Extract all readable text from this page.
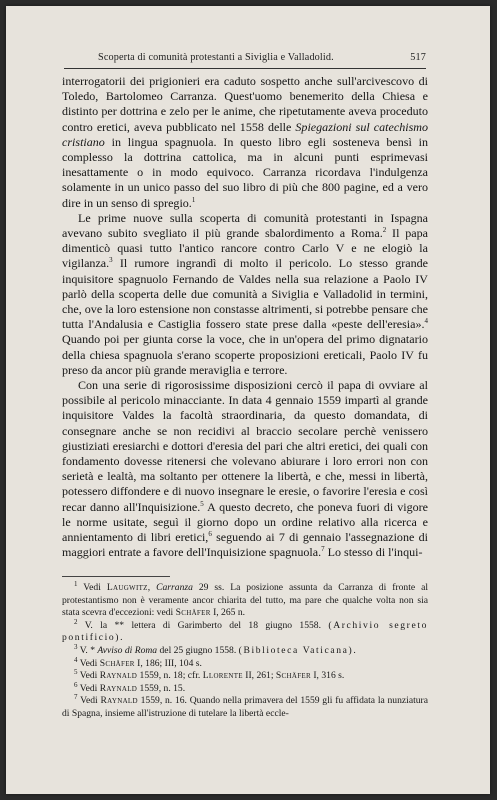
Scoperta di comunità protestanti a Siviglia e Valladolid.	517

interrogatorii dei prigionieri era caduto sospetto anche sull'arcivescovo di Toledo, Bartolomeo Carranza. Quest'uomo benemerito della Chiesa e distinto per dottrina e zelo per le anime, che ripetutamente aveva proceduto contro eretici, aveva pubblicato nel 1558 delle Spiegazioni sul catechismo cristiano in lingua spagnuola. In questo libro egli sosteneva bensì in complesso la dottrina cattolica, ma in alcuni punti esprimevasi inesattamente o in modo equivoco. Carranza ricordava l'indulgenza solamente in un unico passo del suo libro di più che 800 pagine, ed a vero dire in un senso di spregio.$^1$

Le prime nuove sulla scoperta di comunità protestanti in Ispagna avevano subito svegliato il più grande sbalordimento a Roma.$^2$ Il papa dimenticò quasi tutto l'antico rancore contro Carlo V e ne elogiò la vigilanza.$^3$ Il rumore ingrandì di molto il pericolo. Lo stesso grande inquisitore spagnuolo Fernando de Valdes nella sua relazione a Paolo IV parlò della scoperta delle due comunità a Siviglia e Valladolid in termini, che, ove la loro estensione non constasse altrimenti, si potrebbe pensare che tutta l'Andalusia e Castiglia fossero state prese dalla «peste dell'eresia».$^4$ Quando poi per giunta corse la voce, che in un'opera del primo dignatario della chiesa spagnuola s'erano scoperte proposizioni ereticali, Paolo IV fu preso da ancor più grande meraviglia e terrore.

Con una serie di rigorosissime disposizioni cercò il papa di ovviare al possibile al pericolo minacciante. In data 4 gennaio 1559 impartì al grande inquisitore Valdes la facoltà straordinaria, da questo domandata, di consegnare anche se non recidivi al braccio secolare perchè venissero giustiziati eresiarchi e dottori d'eresia del pari che altri eretici, dei quali con fondamento dovesse ritenersi che volevano abiurare i loro errori non con serietà e lealtà, ma soltanto per ottenere la libertà, e che, messi in libertà, potessero diffondere e di nuovo insegnare le eresie, o favorire l'eresia e così recar danno all'Inquisizione.$^5$ A questo decreto, che poneva fuori di vigore le norme usitate, seguì il giorno dopo un ordine relativo alla ricerca e annientamento di libri eretici,$^6$ seguendo ai 7 di gennaio l'assegnazione di maggiori entrate a favore dell'Inquisizione spagnuola.$^7$ Lo stesso di l'inqui-

$^1$ Vedi Laugwitz, Carranza 29 ss. La posizione assunta da Carranza di fronte al protestantismo non è veramente ancor chiarita del tutto, ma pare che qualche volta non sia stata scevra d'eccezioni: vedi Schäfer I, 265 n.

$^2$ V. la ** lettera di Garimberto del 18 giugno 1558. (Archivio segreto pontificio).

$^3$ V. * Avviso di Roma del 25 giugno 1558. (Biblioteca Vaticana).

$^4$ Vedi Schäfer I, 186; III, 104 s.

$^5$ Vedi Raynald 1559, n. 18; cfr. Llorente II, 261; Schäfer I, 316 s.

$^6$ Vedi Raynald 1559, n. 15.

$^7$ Vedi Raynald 1559, n. 16. Quando nella primavera del 1559 gli fu affidata la nunziatura di Spagna, insieme all'istruzione di tutelare la libertà eccle-
